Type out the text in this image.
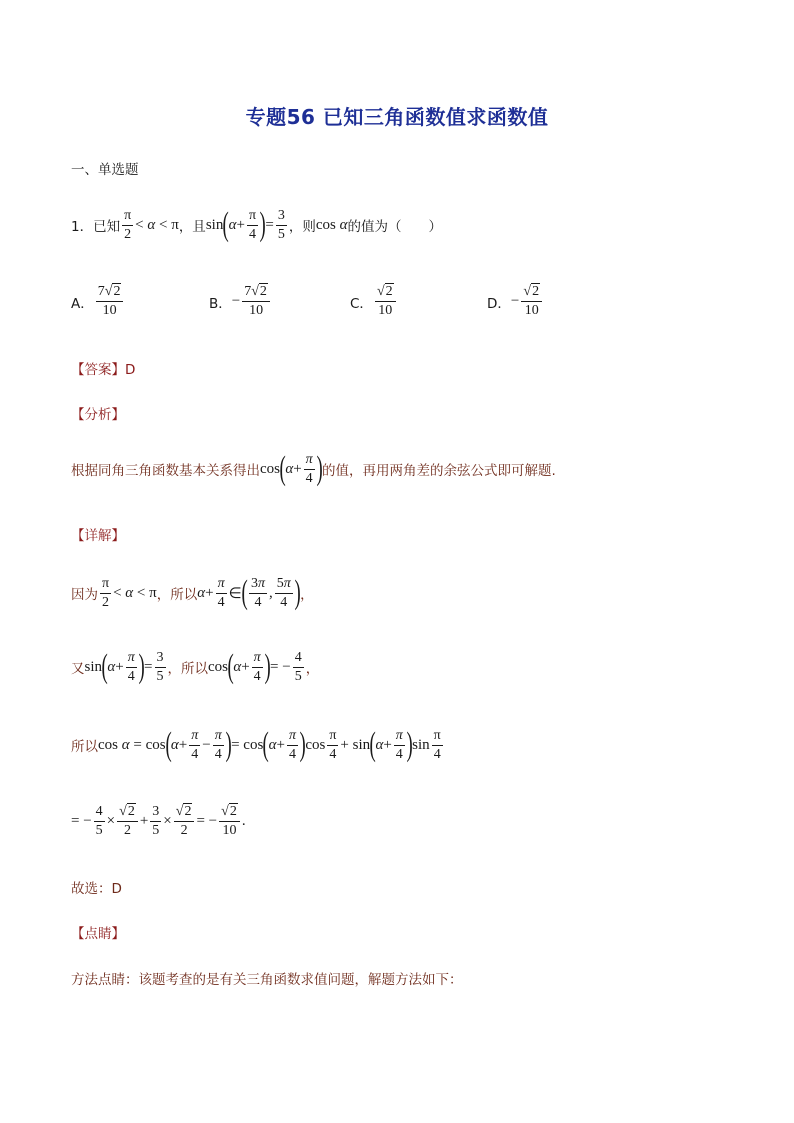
专题56 已知三角函数值求函数值
一、单选题
1．已知 $\frac{\pi}{2} < \alpha < \pi$ ，且 sin ( $\alpha + \frac{\pi}{4}$ ) = $\frac{3}{5}$ ，则 cos α 的值为（　　）
A． $\frac{7√2}{10}$	B． − $\frac{7√2}{10}$	C． $\frac{√2}{10}$	D． − $\frac{√2}{10}$
【答案】D
【分析】
根据同角三角函数基本关系得出 cos ( $\alpha + \frac{\pi}{4}$ ) 的值，再用两角差的余弦公式即可解题.
【详解】
因为 $\frac{\pi}{2} < \alpha < \pi$ ，所以 $\alpha + \frac{\pi}{4}$ ∈ ( $\frac{3\pi}{4}$ , $\frac{5\pi}{4}$ ) ，
又 sin ( $\alpha + \frac{\pi}{4}$ ) = $\frac{3}{5}$ ，所以 cos ( $\alpha + \frac{\pi}{4}$ ) = − $\frac{4}{5}$ ，
所以 cos α = cos ( $\alpha + \frac{\pi}{4} - \frac{\pi}{4}$ ) = cos ( $\alpha + \frac{\pi}{4}$ ) $\cos \frac{\pi}{4} + \sin$ ( $\alpha + \frac{\pi}{4}$ ) $\sin \frac{\pi}{4}$
= − $\frac{4}{5} \times \frac{√2}{2} + \frac{3}{5} \times \frac{√2}{2}$ = − $\frac{√2}{10}$ .
故选：D
【点睛】
方法点睛：该题考查的是有关三角函数求值问题，解题方法如下：
